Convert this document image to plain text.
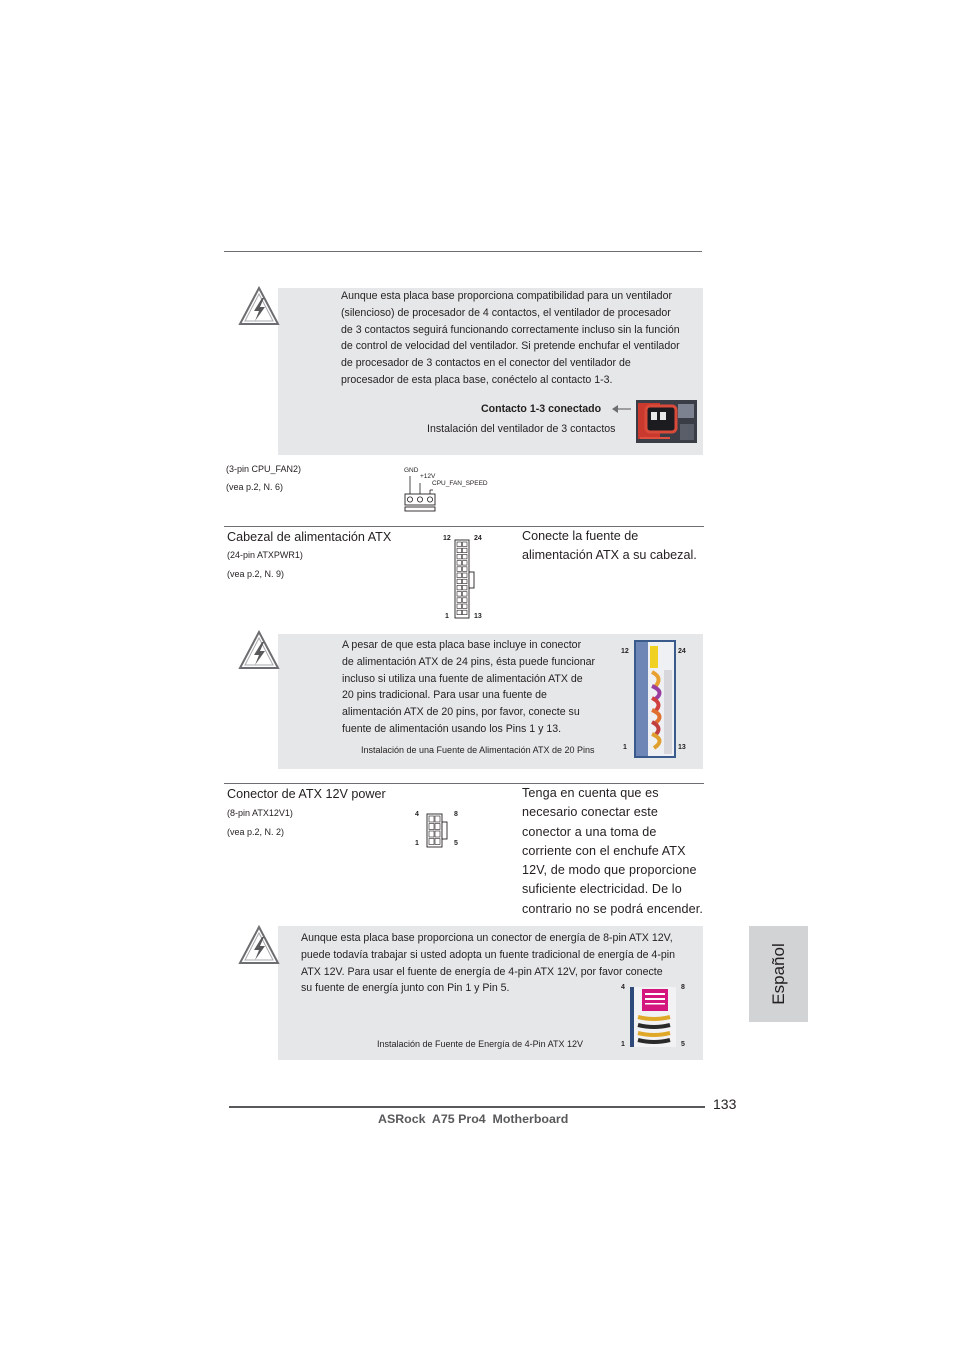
Aunque esta placa base proporciona compatibilidad para un ventilador
(silencioso) de procesador de 4 contactos, el ventilador de procesador
de 3 contactos seguirá funcionando correctamente incluso sin la función
de control de velocidad del ventilador. Si pretende enchufar el ventilador
de procesador de 3 contactos en el conector del ventilador de
procesador de esta placa base, conéctelo al contacto 1-3.
Contacto 1-3 conectado
Instalación del ventilador de 3 contactos
(3-pin CPU_FAN2)
(vea p.2, N. 6)
GND
+12V
CPU_FAN_SPEED
Cabezal de alimentación ATX
(24-pin ATXPWR1)
(vea p.2, N. 9)
12	24
1	13
Conecte la fuente de
alimentación ATX a su cabezal.
A pesar de que esta placa base incluye in conector
de alimentación ATX de 24 pins, ésta puede funcionar
incluso si utiliza una fuente de alimentación ATX de
20 pins tradicional. Para usar una fuente de
alimentación ATX de 20 pins, por favor, conecte su
fuente de alimentación usando los Pins 1 y 13.
Instalación de una Fuente de Alimentación ATX de 20 Pins
12	24
1	13
Conector de ATX 12V power
(8-pin ATX12V1)
(vea p.2, N. 2)
4	8
1	5
Tenga en cuenta que es
necesario conectar este
conector a una toma de
corriente con el enchufe ATX
12V, de modo que proporcione
suficiente electricidad. De lo
contrario no se podrá encender.
Aunque esta placa base proporciona un conector de energía de 8-pin ATX 12V,
puede todavía trabajar si usted adopta un fuente tradicional de energía de 4-pin
ATX 12V. Para usar el fuente de energía de 4-pin ATX 12V, por favor conecte
su fuente de energía junto con Pin 1 y Pin 5.
Instalación de Fuente de Energía de 4-Pin ATX 12V
4	8
1	5
Español
133
ASRock  A75 Pro4  Motherboard
